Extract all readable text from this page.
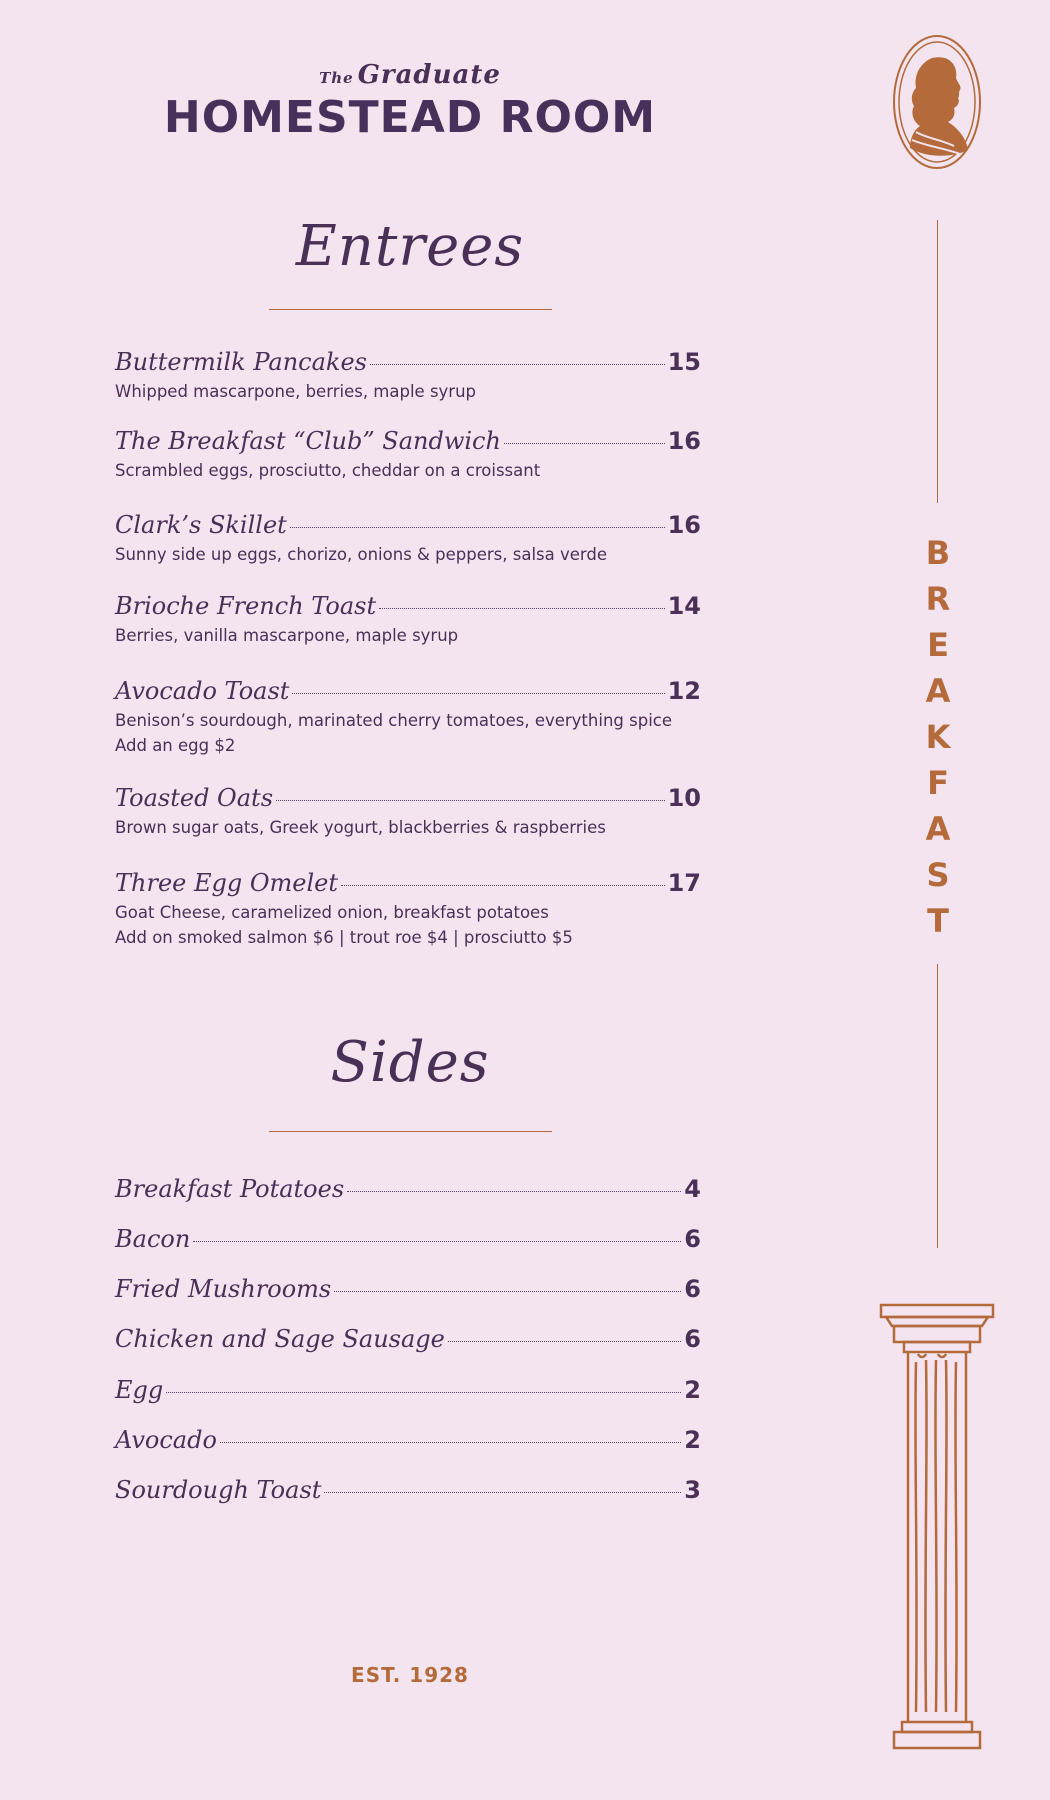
The Graduate
HOMESTEAD ROOM
B
R
E
A
K
F
A
S
T
Entrees
Buttermilk Pancakes	15
Whipped mascarpone, berries, maple syrup
The Breakfast “Club” Sandwich	16
Scrambled eggs, prosciutto, cheddar on a croissant
Clark’s Skillet	16
Sunny side up eggs, chorizo, onions & peppers, salsa verde
Brioche French Toast	14
Berries, vanilla mascarpone, maple syrup
Avocado Toast	12
Benison’s sourdough, marinated cherry tomatoes, everything spice
Add an egg $2
Toasted Oats	10
Brown sugar oats, Greek yogurt, blackberries & raspberries
Three Egg Omelet	17
Goat Cheese, caramelized onion, breakfast potatoes
Add on smoked salmon $6 | trout roe $4 | prosciutto $5
Sides
Breakfast Potatoes	4
Bacon	6
Fried Mushrooms	6
Chicken and Sage Sausage	6
Egg	2
Avocado	2
Sourdough Toast	3
EST. 1928
